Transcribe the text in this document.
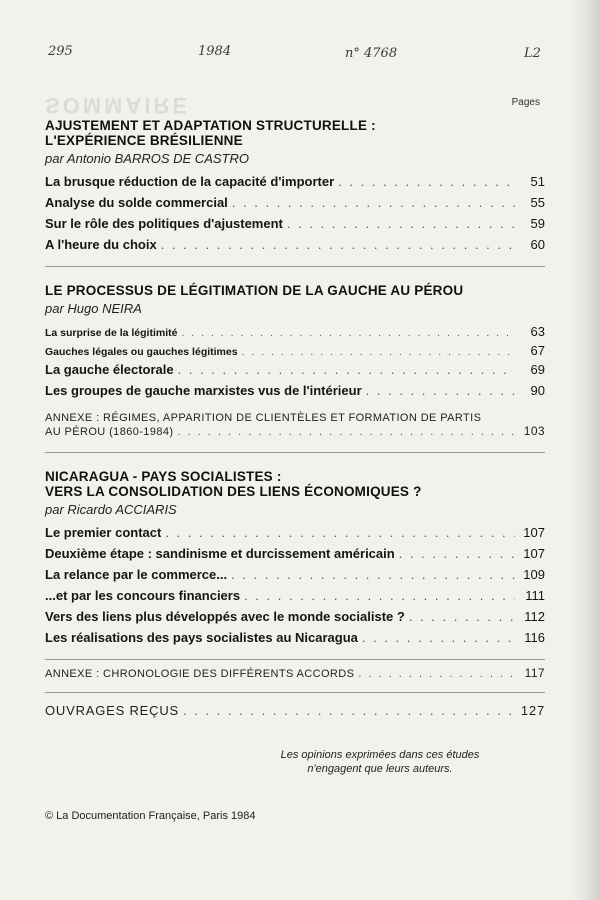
295	1984	n° 4768	L2
SOMMAIRE	Pages
AJUSTEMENT ET ADAPTATION STRUCTURELLE :
L'EXPÉRIENCE BRÉSILIENNE
par Antonio BARROS DE CASTRO
La brusque réduction de la capacité d'importer . . .	51
Analyse du solde commercial . . .	55
Sur le rôle des politiques d'ajustement . . .	59
A l'heure du choix . . .	60
LE PROCESSUS DE LÉGITIMATION DE LA GAUCHE AU PÉROU
par Hugo NEIRA
La surprise de la légitimité . . .	63
Gauches légales ou gauches légitimes . . .	67
La gauche électorale . . .	69
Les groupes de gauche marxistes vus de l'intérieur . . .	90
ANNEXE : RÉGIMES, APPARITION DE CLIENTÈLES ET FORMATION DE PARTIS
AU PÉROU (1860-1984) . . .	103
NICARAGUA - PAYS SOCIALISTES :
VERS LA CONSOLIDATION DES LIENS ÉCONOMIQUES ?
par Ricardo ACCIARIS
Le premier contact . . .	107
Deuxième étape : sandinisme et durcissement américain . . .	107
La relance par le commerce... . . .	109
...et par les concours financiers . . .	111
Vers des liens plus développés avec le monde socialiste ? . . .	112
Les réalisations des pays socialistes au Nicaragua . . .	116
ANNEXE : CHRONOLOGIE DES DIFFÉRENTS ACCORDS . . .	117
OUVRAGES REÇUS . . .	127
Les opinions exprimées dans ces études
n'engagent que leurs auteurs.
© La Documentation Française, Paris 1984
